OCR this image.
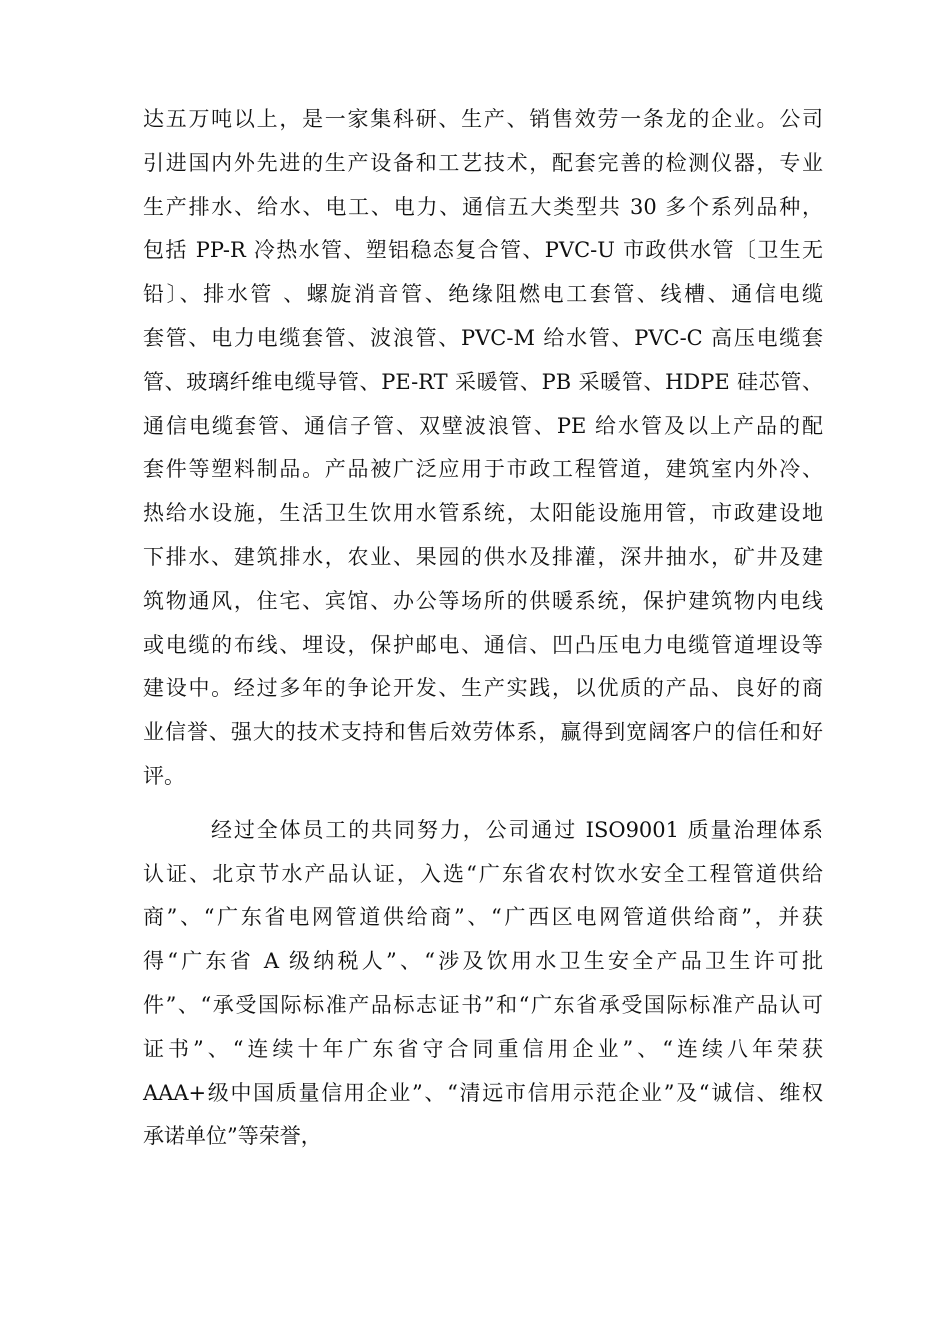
达五万吨以上，是一家集科研、生产、销售效劳一条龙的企业。公司
引进国内外先进的生产设备和工艺技术，配套完善的检测仪器，专业
生产排水、给水、电工、电力、通信五大类型共 30 多个系列品种，
包括 PP-R 冷热水管、塑铝稳态复合管、PVC-U 市政供水管〔卫生无
铅〕、排水管 、螺旋消音管、绝缘阻燃电工套管、线槽、通信电缆
套管、电力电缆套管、波浪管、PVC-M 给水管、PVC-C 高压电缆套
管、玻璃纤维电缆导管、PE-RT 采暖管、PB 采暖管、HDPE 硅芯管、
通信电缆套管、通信子管、双壁波浪管、PE 给水管及以上产品的配
套件等塑料制品。产品被广泛应用于市政工程管道，建筑室内外冷、
热给水设施，生活卫生饮用水管系统，太阳能设施用管，市政建设地
下排水、建筑排水，农业、果园的供水及排灌，深井抽水，矿井及建
筑物通风，住宅、宾馆、办公等场所的供暖系统，保护建筑物内电线
或电缆的布线、埋设，保护邮电、通信、凹凸压电力电缆管道埋设等
建设中。经过多年的争论开发、生产实践，以优质的产品、良好的商
业信誉、强大的技术支持和售后效劳体系，赢得到宽阔客户的信任和好
评。
经过全体员工的共同努力，公司通过 ISO9001 质量治理体系
认证、北京节水产品认证，入选“广东省农村饮水安全工程管道供给
商”、“广东省电网管道供给商”、“广西区电网管道供给商”，并获
得“广东省 A 级纳税人”、“涉及饮用水卫生安全产品卫生许可批
件”、“承受国际标准产品标志证书”和“广东省承受国际标准产品认可
证书”、“连续十年广东省守合同重信用企业”、“连续八年荣获
AAA+级中国质量信用企业”、“清远市信用示范企业”及“诚信、维权
承诺单位”等荣誉，
